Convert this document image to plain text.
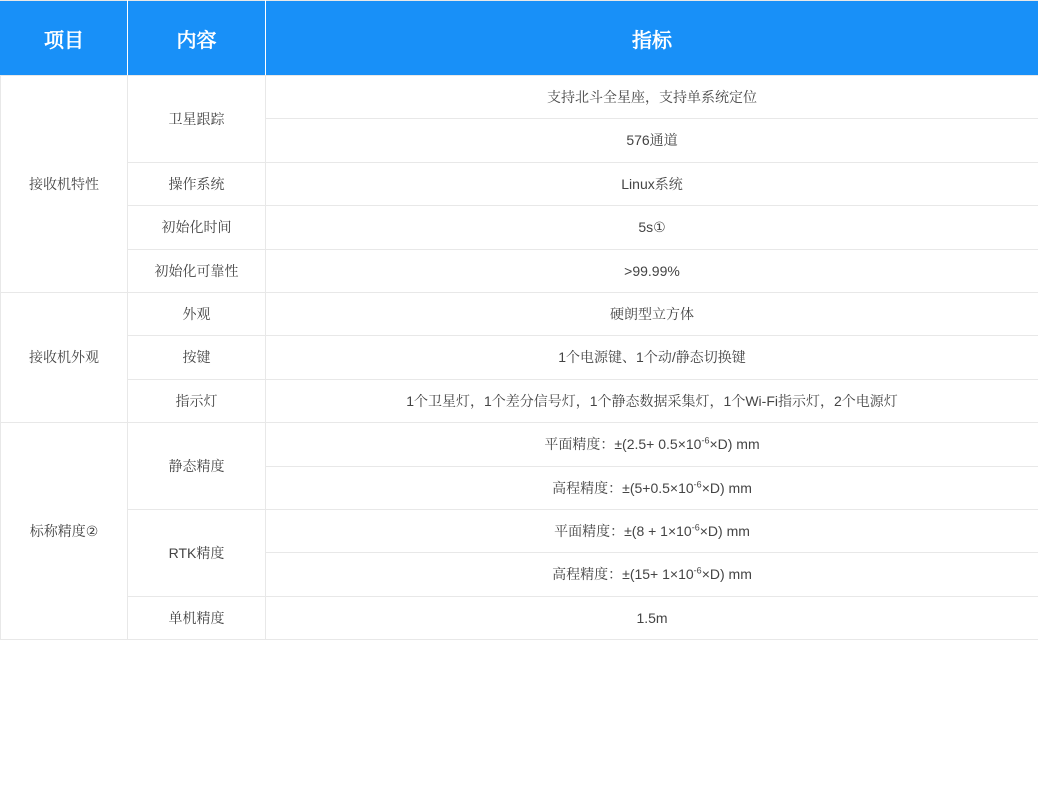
项目	内容	指标
接收机特性	卫星跟踪	支持北斗全星座，支持单系统定位
		576通道
	操作系统	Linux系统
	初始化时间	5s①
	初始化可靠性	>99.99%
接收机外观	外观	硬朗型立方体
	按键	1个电源键、1个动/静态切换键
	指示灯	1个卫星灯，1个差分信号灯，1个静态数据采集灯，1个Wi-Fi指示灯，2个电源灯
标称精度②	静态精度	平面精度：$\pm(2.5+ 0.5\times 10^{-6}\times D)$ mm
		高程精度：$\pm(5+0.5\times 10^{-6}\times D)$ mm
	RTK精度	平面精度：$\pm(8 + 1\times 10^{-6}\times D)$ mm
		高程精度：$\pm(15+ 1\times 10^{-6}\times D)$ mm
	单机精度	1.5m
